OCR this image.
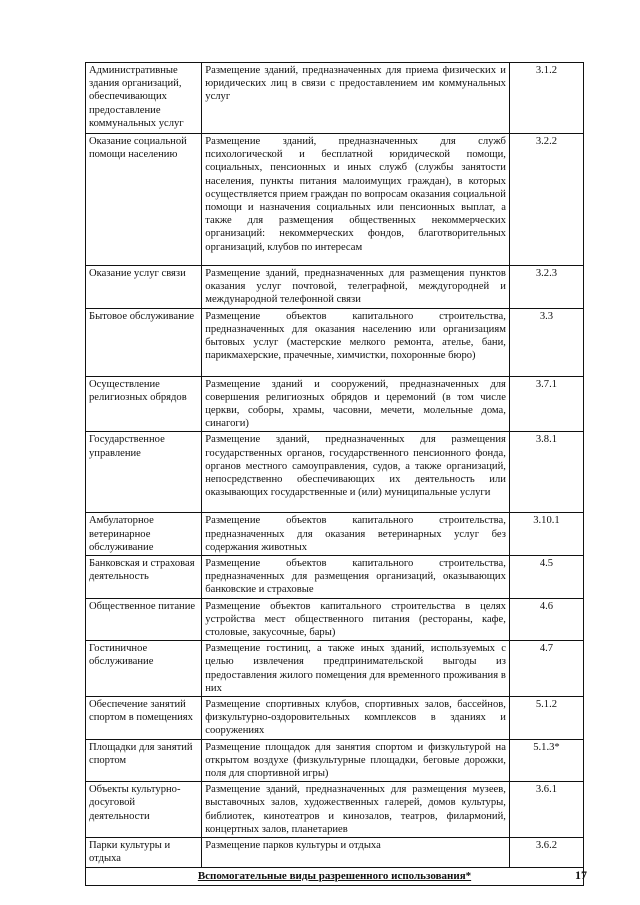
Административные здания организаций, обеспечивающих предоставление коммунальных услуг	Размещение зданий, предназначенных для приема физических и юридических лиц в связи с предоставлением им коммунальных услуг	3.1.2
Оказание социальной помощи населению	Размещение зданий, предназначенных для служб психологической и бесплатной юридической помощи, социальных, пенсионных и иных служб (службы занятости населения, пункты питания малоимущих граждан), в которых осуществляется прием граждан по вопросам оказания социальной помощи и назначения социальных или пенсионных выплат, а также для размещения общественных некоммерческих организаций: некоммерческих фондов, благотворительных организаций, клубов по интересам	3.2.2
Оказание услуг связи	Размещение зданий, предназначенных для размещения пунктов оказания услуг почтовой, телеграфной, междугородней и международной телефонной связи	3.2.3
Бытовое обслуживание	Размещение объектов капитального строительства, предназначенных для оказания населению или организациям бытовых услуг (мастерские мелкого ремонта, ателье, бани, парикмахерские, прачечные, химчистки, похоронные бюро)	3.3
Осуществление религиозных обрядов	Размещение зданий и сооружений, предназначенных для совершения религиозных обрядов и церемоний (в том числе церкви, соборы, храмы, часовни, мечети, молельные дома, синагоги)	3.7.1
Государственное управление	Размещение зданий, предназначенных для размещения государственных органов, государственного пенсионного фонда, органов местного самоуправления, судов, а также организаций, непосредственно обеспечивающих их деятельность или оказывающих государственные и (или) муниципальные услуги	3.8.1
Амбулаторное ветеринарное обслуживание	Размещение объектов капитального строительства, предназначенных для оказания ветеринарных услуг без содержания животных	3.10.1
Банковская и страховая деятельность	Размещение объектов капитального строительства, предназначенных для размещения организаций, оказывающих банковские и страховые	4.5
Общественное питание	Размещение объектов капитального строительства в целях устройства мест общественного питания (рестораны, кафе, столовые, закусочные, бары)	4.6
Гостиничное обслуживание	Размещение гостиниц, а также иных зданий, используемых с целью извлечения предпринимательской выгоды из предоставления жилого помещения для временного проживания в них	4.7
Обеспечение занятий спортом в помещениях	Размещение спортивных клубов, спортивных залов, бассейнов, физкультурно-оздоровительных комплексов в зданиях и сооружениях	5.1.2
Площадки для занятий спортом	Размещение площадок для занятия спортом и физкультурой на открытом воздухе (физкультурные площадки, беговые дорожки, поля для спортивной игры)	5.1.3*
Объекты культурно-досуговой деятельности	Размещение зданий, предназначенных для размещения музеев, выставочных залов, художественных галерей, домов культуры, библиотек, кинотеатров и кинозалов, театров, филармоний, концертных залов, планетариев	3.6.1
Парки культуры и отдыха	Размещение парков культуры и отдыха	3.6.2
Вспомогательные виды разрешенного использования*			17
